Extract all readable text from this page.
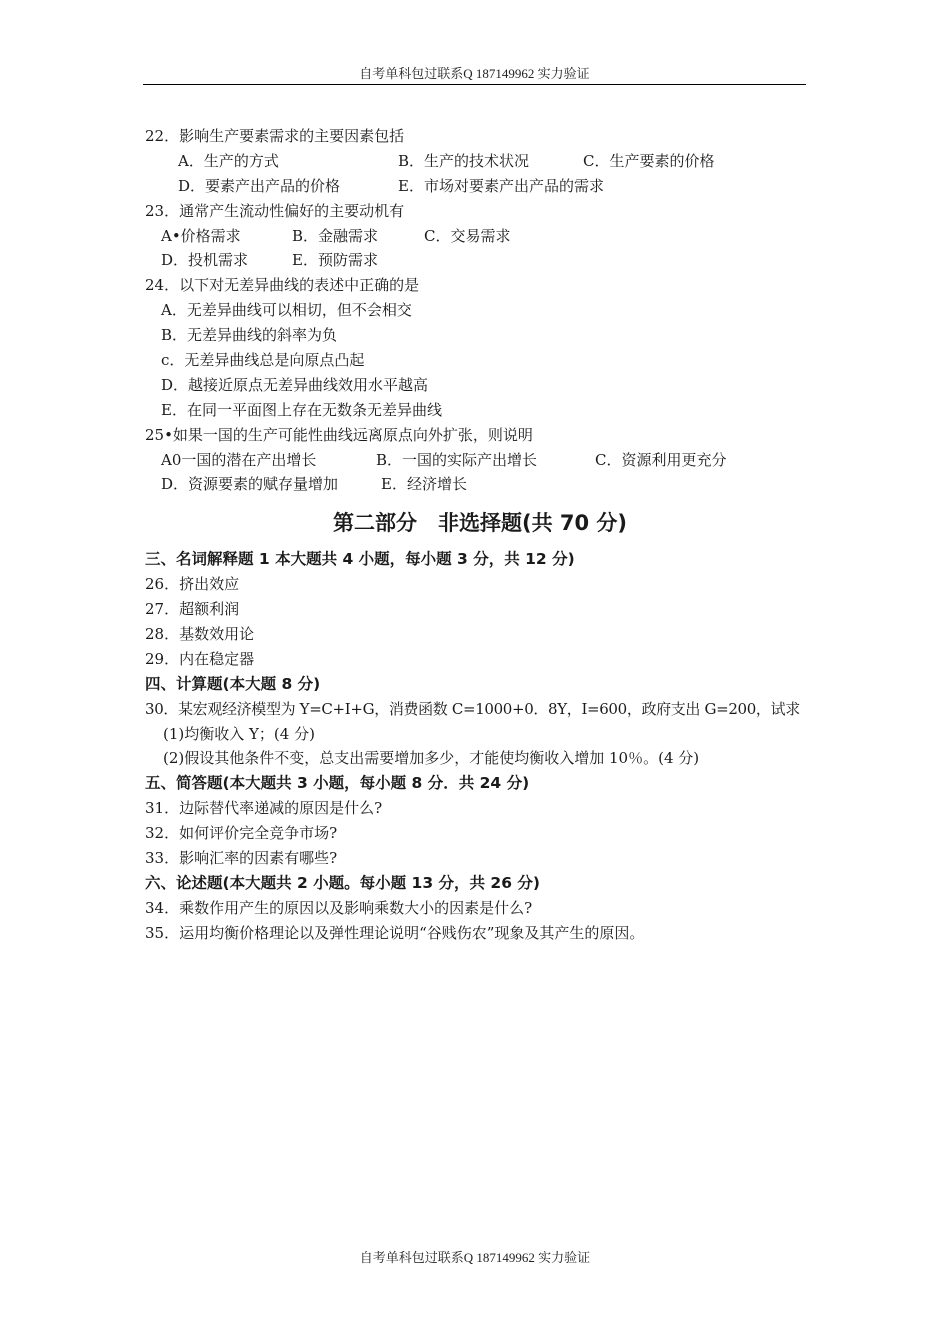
自考单科包过联系Q 187149962 实力验证
22．影响生产要素需求的主要因素包括
A．生产的方式	B．生产的技术状况	C．生产要素的价格
D．要素产出产品的价格	E．市场对要素产出产品的需求
23．通常产生流动性偏好的主要动机有
A•价格需求	B．金融需求	C．交易需求
D．投机需求	E．预防需求
24．以下对无差异曲线的表述中正确的是
A．无差异曲线可以相切，但不会相交
B．无差异曲线的斜率为负
c．无差异曲线总是向原点凸起
D．越接近原点无差异曲线效用水平越高
E．在同一平面图上存在无数条无差异曲线
25•如果一国的生产可能性曲线远离原点向外扩张，则说明
A0一国的潜在产出增长	B．一国的实际产出增长	C．资源利用更充分
D．资源要素的赋存量增加	E．经济增长
第二部分　非选择题(共 70 分)
三、名词解释题 1 本大题共 4 小题，每小题 3 分，共 12 分)
26．挤出效应
27．超额利润
28．基数效用论
29．内在稳定器
四、计算题(本大题 8 分)
30．某宏观经济模型为 Y=C+I+G，消费函数 C=1000+0．8Y，I=600，政府支出 G=200，试求
(1)均衡收入 Y；(4 分)
(2)假设其他条件不变，总支出需要增加多少，才能使均衡收入增加 10％。(4 分)
五、简答题(本大题共 3 小题，每小题 8 分．共 24 分)
31．边际替代率递减的原因是什么?
32．如何评价完全竞争市场?
33．影响汇率的因素有哪些?
六、论述题(本大题共 2 小题。每小题 13 分，共 26 分)
34．乘数作用产生的原因以及影响乘数大小的因素是什么?
35．运用均衡价格理论以及弹性理论说明“谷贱伤农”现象及其产生的原因。
自考单科包过联系Q 187149962 实力验证
